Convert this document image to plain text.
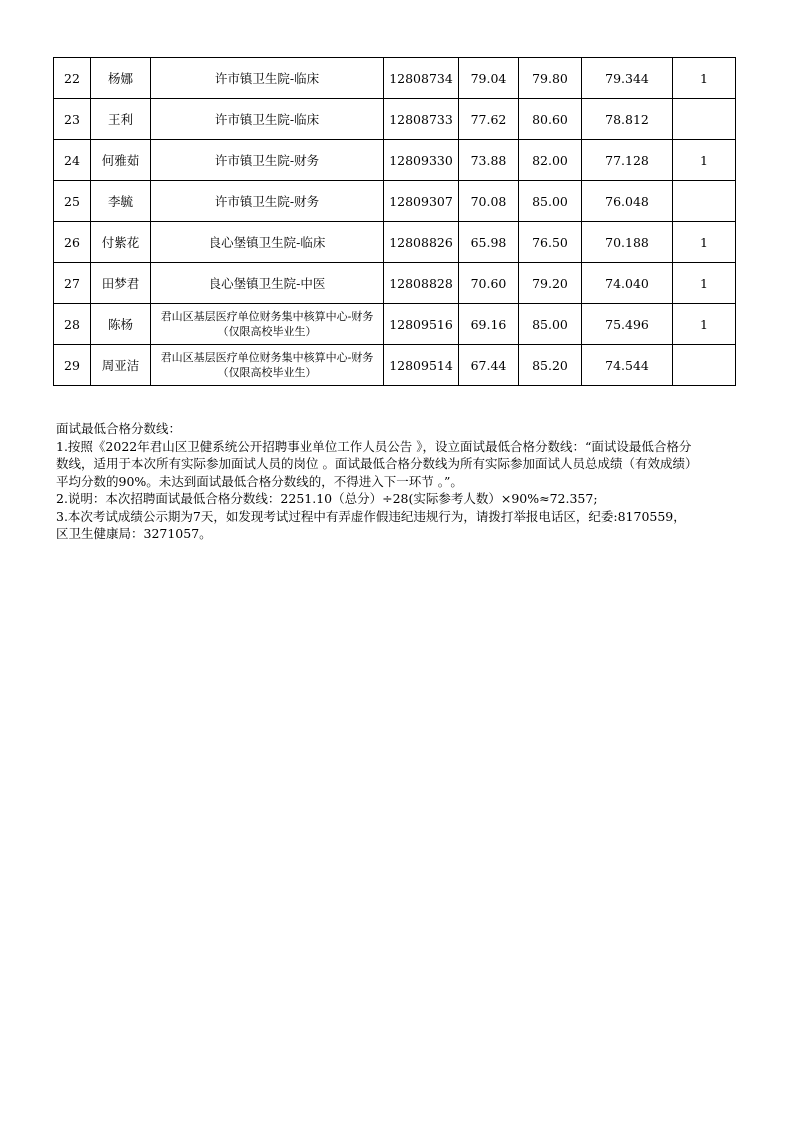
22	杨娜	许市镇卫生院-临床	12808734	79.04	79.80	79.344	1
23	王利	许市镇卫生院-临床	12808733	77.62	80.60	78.812	
24	何雅茹	许市镇卫生院-财务	12809330	73.88	82.00	77.128	1
25	李毓	许市镇卫生院-财务	12809307	70.08	85.00	76.048	
26	付紫花	良心堡镇卫生院-临床	12808826	65.98	76.50	70.188	1
27	田梦君	良心堡镇卫生院-中医	12808828	70.60	79.20	74.040	1
28	陈杨	君山区基层医疗单位财务集中核算中心-财务
（仅限高校毕业生）	12809516	69.16	85.00	75.496	1
29	周亚洁	君山区基层医疗单位财务集中核算中心-财务
（仅限高校毕业生）	12809514	67.44	85.20	74.544	

面试最低合格分数线：

1.按照《2022年君山区卫健系统公开招聘事业单位工作人员公告 》，设立面试最低合格分数线：“面试设最低合格分数线，适用于本次所有实际参加面试人员的岗位 。面试最低合格分数线为所有实际参加面试人员总成绩（有效成绩）平均分数的90%。未达到面试最低合格分数线的，不得进入下一环节 。”。

2.说明：本次招聘面试最低合格分数线：2251.10（总分）÷28(实际参考人数）×90%≈72.357;

3.本次考试成绩公示期为7天，如发现考试过程中有弄虚作假违纪违规行为，请拨打举报电话区，纪委:8170559，区卫生健康局：3271057。
